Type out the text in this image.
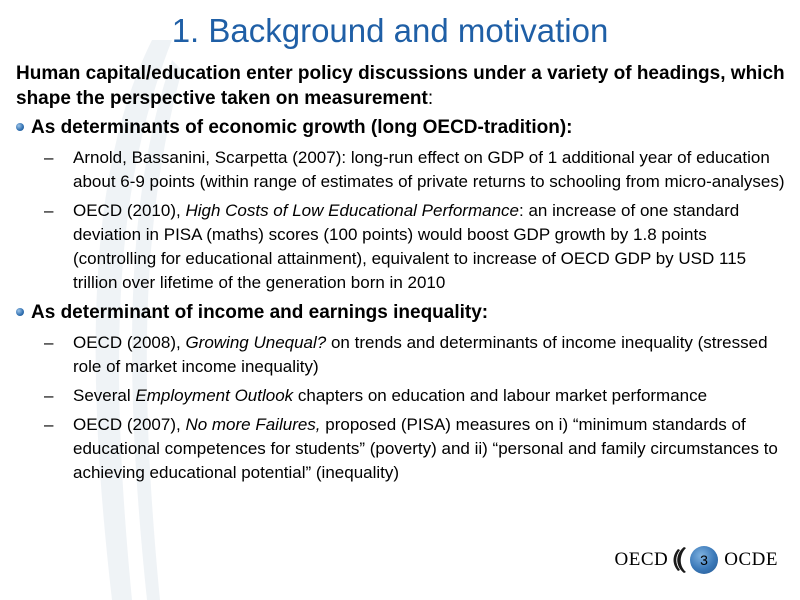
1. Background and motivation

Human capital/education enter policy discussions under a variety of headings, which shape the perspective taken on measurement:

As determinants of economic growth (long OECD-tradition):
– Arnold, Bassanini, Scarpetta (2007): long-run effect on GDP of 1 additional year of education about 6-9 points (within range of estimates of private returns to schooling from micro-analyses)
– OECD (2010), High Costs of Low Educational Performance: an increase of one standard deviation in PISA (maths) scores (100 points) would boost GDP growth by 1.8 points (controlling for educational attainment), equivalent to increase of OECD GDP by USD 115 trillion over lifetime of the generation born in 2010
As determinant of income and earnings inequality:
– OECD (2008), Growing Unequal? on trends and determinants of income inequality (stressed role of market income inequality)
– Several Employment Outlook chapters on education and labour market performance
– OECD (2007), No more Failures, proposed (PISA) measures on i) “minimum standards of educational competences for students” (poverty) and ii) “personal and family circumstances to achieving educational potential” (inequality)
OECD 3 OCDE
